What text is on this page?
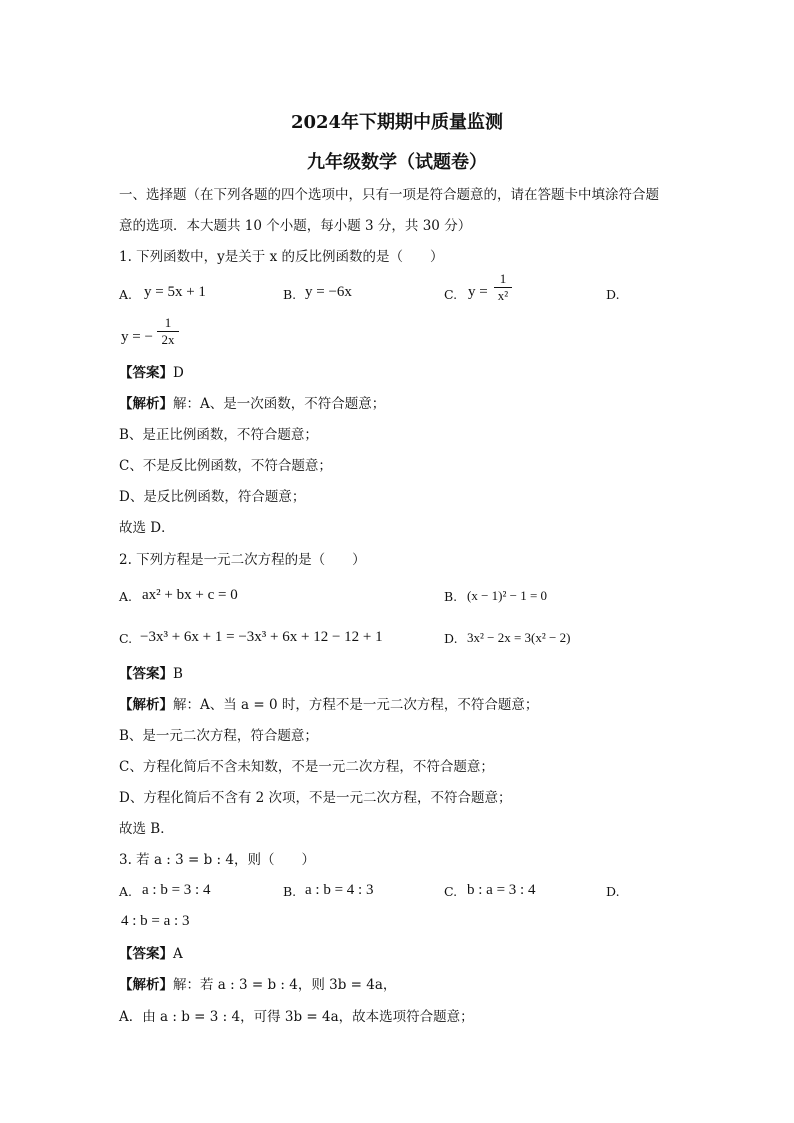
2024年下期期中质量监测
九年级数学（试题卷）
一、选择题（在下列各题的四个选项中，只有一项是符合题意的，请在答题卡中填涂符合题
意的选项．本大题共 10 个小题，每小题 3 分，共 30 分）
1. 下列函数中，y是关于 x 的反比例函数的是（　　）
A. y = 5x + 1	B. y = −6x	C. y =
1
x²	D.
y = −
1
2x
【答案】D
【解析】解：A、是一次函数，不符合题意；
B、是正比例函数，不符合题意；
C、不是反比例函数，不符合题意；
D、是反比例函数，符合题意；
故选 D．
2. 下列方程是一元二次方程的是（　　）
A. ax² + bx + c = 0	B. (x − 1)² − 1 = 0
C. −3x³ + 6x + 1 = −3x³ + 6x + 12 − 12 + 1	D. 3x² − 2x = 3(x² − 2)
【答案】B
【解析】解：A、当 a = 0 时，方程不是一元二次方程，不符合题意；
B、是一元二次方程，符合题意；
C、方程化简后不含未知数，不是一元二次方程，不符合题意；
D、方程化简后不含有 2 次项，不是一元二次方程，不符合题意；
故选 B．
3. 若 a : 3 = b : 4，则（　　）
A. a : b = 3 : 4	B. a : b = 4 : 3	C. b : a = 3 : 4	D.
4 : b = a : 3
【答案】A
【解析】解：若 a : 3 = b : 4，则 3b = 4a，
A．由 a : b = 3 : 4，可得 3b = 4a，故本选项符合题意；
